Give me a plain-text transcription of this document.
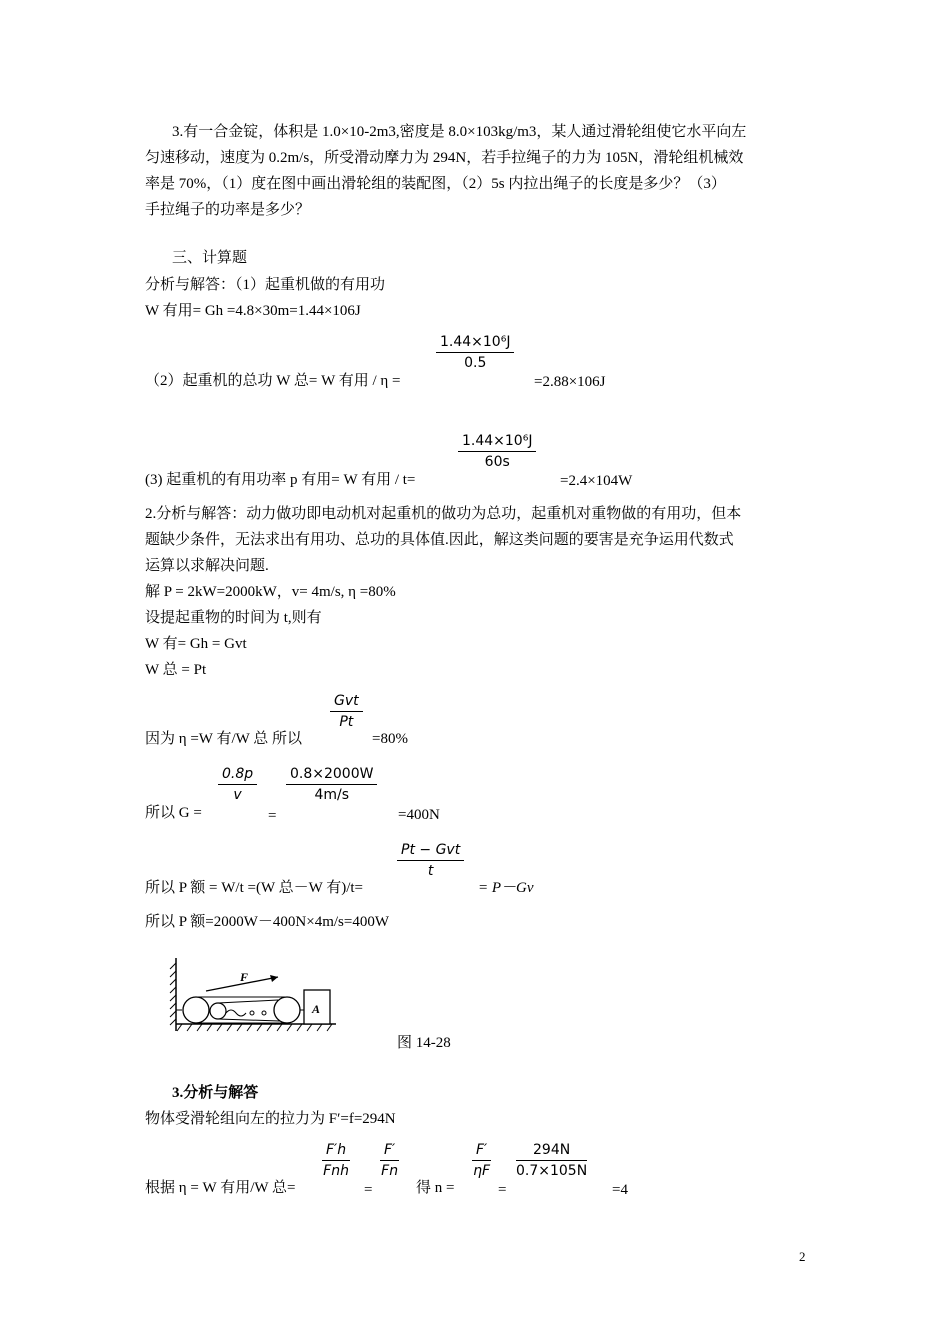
3.有一合金锭，体积是 1.0×10-2m3,密度是 8.0×103kg/m3，某人通过滑轮组使它水平向左
匀速移动，速度为 0.2m/s，所受滑动摩力为 294N，若手拉绳子的力为 105N，滑轮组机械效
率是 70%，（1）度在图中画出滑轮组的装配图，（2）5s 内拉出绳子的长度是多少？（3）
手拉绳子的功率是多少？
三、计算题
分析与解答：（1）起重机做的有用功
W 有用= Gh =4.8×30m=1.44×106J
（2）起重机的总功 W 总= W 有用 / η =
1.44×10⁶J
0.5
=2.88×106J
(3) 起重机的有用功率 p 有用= W 有用 / t=
1.44×10⁶J
60s
=2.4×104W
2.分析与解答：动力做功即电动机对起重机的做功为总功，起重机对重物做的有用功，但本
题缺少条件，无法求出有用功、总功的具体值.因此，解这类问题的要害是充争运用代数式
运算以求解决问题.
解 P = 2kW=2000kW，v= 4m/s, η =80%
设提起重物的时间为 t,则有
W 有= Gh = Gvt
W 总 = Pt
因为 η =W 有/W 总 所以
Gvt
Pt
=80%
所以 G =
0.8p
v
=
0.8×2000W
4m/s
=400N
所以 P 额 = W/t =(W 总－W 有)/t=
Pt − Gvt
t
= P－Gv
所以 P 额=2000W－400N×4m/s=400W
F
A
图 14-28
3.分析与解答
物体受滑轮组向左的拉力为 F′=f=294N
根据 η = W 有用/W 总=
F′h
Fnh
=
F′
Fn
得 n =
F′
ηF
=
294N
0.7×105N
=4
2
